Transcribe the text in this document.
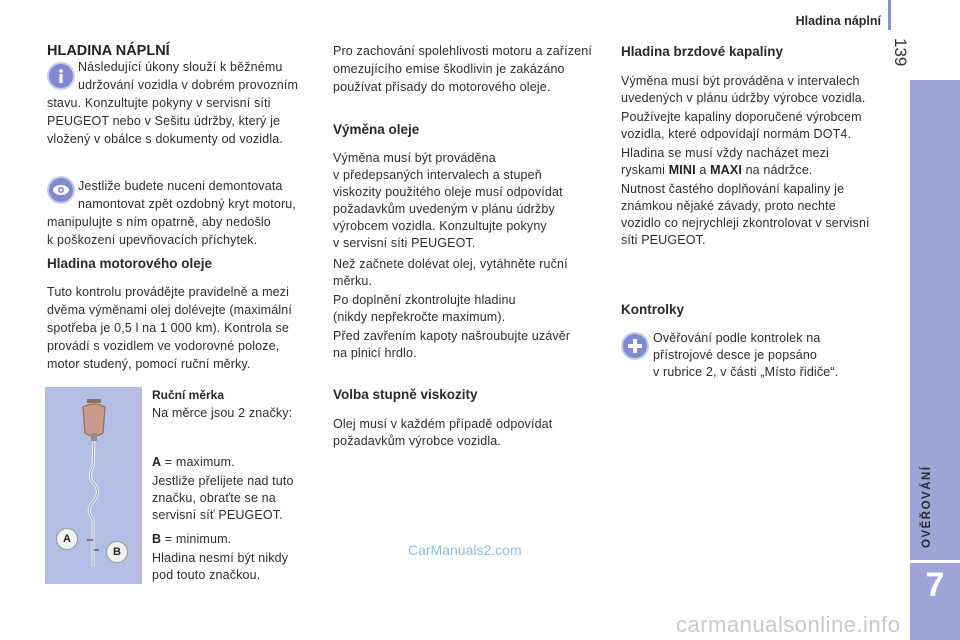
Hladina náplní
139
OVĚŘOVÁNÍ
7
HLADINA NÁPLNÍ
Následující úkony slouží k běžnému
udržování vozidla v dobrém provozním
stavu. Konzultujte pokyny v servisní síti
PEUGEOT nebo v Sešitu údržby, který je
vložený v obálce s dokumenty od vozidla.
Jestliže budete nuceni demontovata
namontovat zpět ozdobný kryt motoru,
manipulujte s ním opatrně, aby nedošlo
k poškození upevňovacích příchytek.
Hladina motorového oleje
Tuto kontrolu provádějte pravidelně a mezi
dvěma výměnami olej dolévejte (maximální
spotřeba je 0,5 l na 1 000 km). Kontrola se
provádí s vozidlem ve vodorovné poloze,
motor studený, pomocí ruční měrky.
A
B
Ruční měrka
Na měrce jsou 2 značky:
A = maximum.
Jestliže přelijete nad tuto
značku, obraťte se na
servisní síť PEUGEOT.
B = minimum.
Hladina nesmí být nikdy
pod touto značkou.
Pro zachování spolehlivosti motoru a zařízení
omezujícího emise škodlivin je zakázáno
používat přísady do motorového oleje.
Výměna oleje
Výměna musí být prováděna
v předepsaných intervalech a stupeň
viskozity použitého oleje musí odpovídat
požadavkům uvedeným v plánu údržby
výrobcem vozidla. Konzultujte pokyny
v servisní síti PEUGEOT.
Než začnete dolévat olej, vytáhněte ruční
měrku.
Po doplnění zkontrolujte hladinu
(nikdy nepřekročte maximum).
Před zavřením kapoty našroubujte uzávěr
na plnicí hrdlo.
Volba stupně viskozity
Olej musí v každém případě odpovídat
požadavkům výrobce vozidla.
Hladina brzdové kapaliny
Výměna musí být prováděna v intervalech
uvedených v plánu údržby výrobce vozidla.
Používejte kapaliny doporučené výrobcem
vozidla, které odpovídají normám DOT4.
Hladina se musí vždy nacházet mezi
ryskami MINI a MAXI na nádržce.
Nutnost častého doplňování kapaliny je
známkou nějaké závady, proto nechte
vozidlo co nejrychleji zkontrolovat v servisní
síti PEUGEOT.
Kontrolky
Ověřování podle kontrolek na
přístrojové desce je popsáno
v rubrice 2, v části „Místo řidiče“.
CarManuals2.com
carmanualsonline.info
